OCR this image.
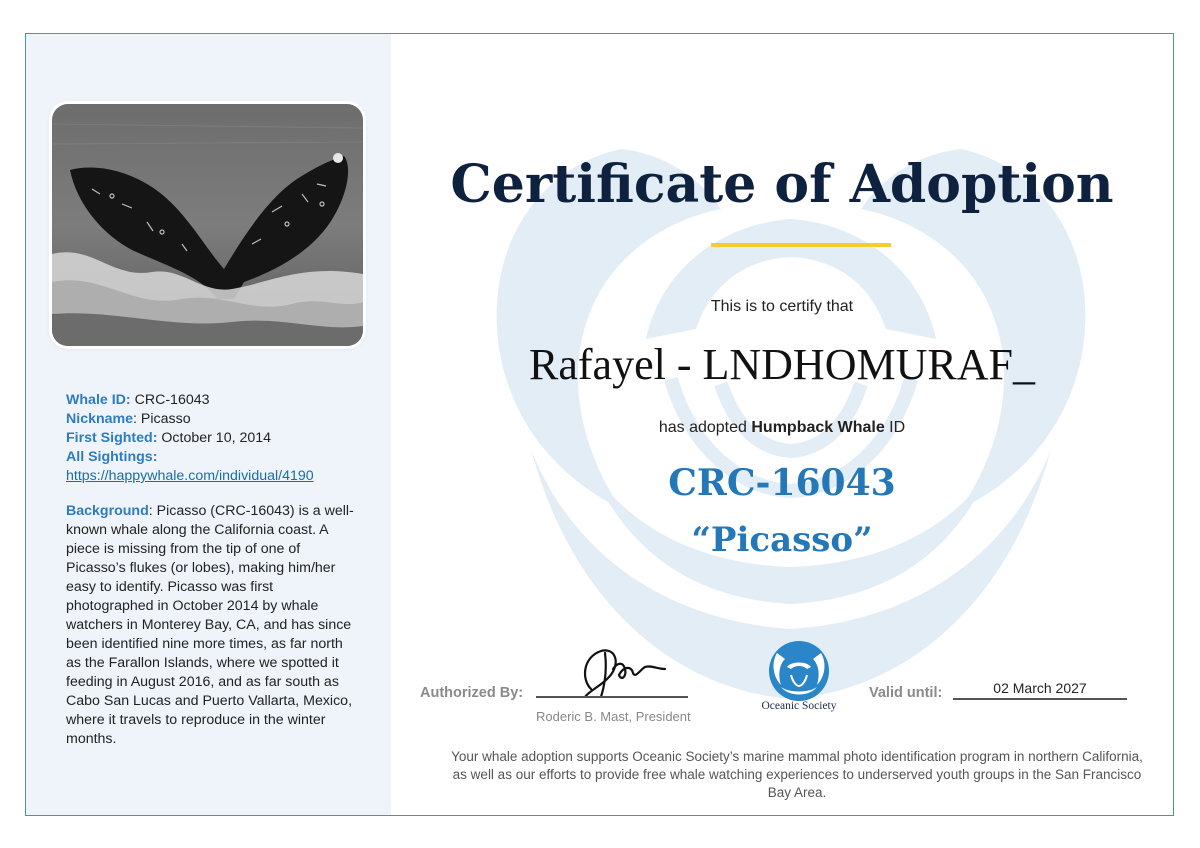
Whale ID: CRC-16043
Nickname: Picasso
First Sighted: October 10, 2014
All Sightings:
https://happywhale.com/individual/4190
Background: Picasso (CRC-16043) is a well-known whale along the California coast. A piece is missing from the tip of one of Picasso’s flukes (or lobes), making him/her easy to identify. Picasso was first photographed in October 2014 by whale watchers in Monterey Bay, CA, and has since been identified nine more times, as far north as the Farallon Islands, where we spotted it feeding in August 2016, and as far south as Cabo San Lucas and Puerto Vallarta, Mexico, where it travels to reproduce in the winter months.
Certificate of Adoption
This is to certify that
Rafayel - LNDHOMURAF_
has adopted Humpback Whale ID
CRC-16043
“Picasso”
Authorized By:
Roderic B. Mast, President
Oceanic Society
Valid until:	02 March 2027
Your whale adoption supports Oceanic Society’s marine mammal photo identification program in northern California, as well as our efforts to provide free whale watching experiences to underserved youth groups in the San Francisco Bay Area.
